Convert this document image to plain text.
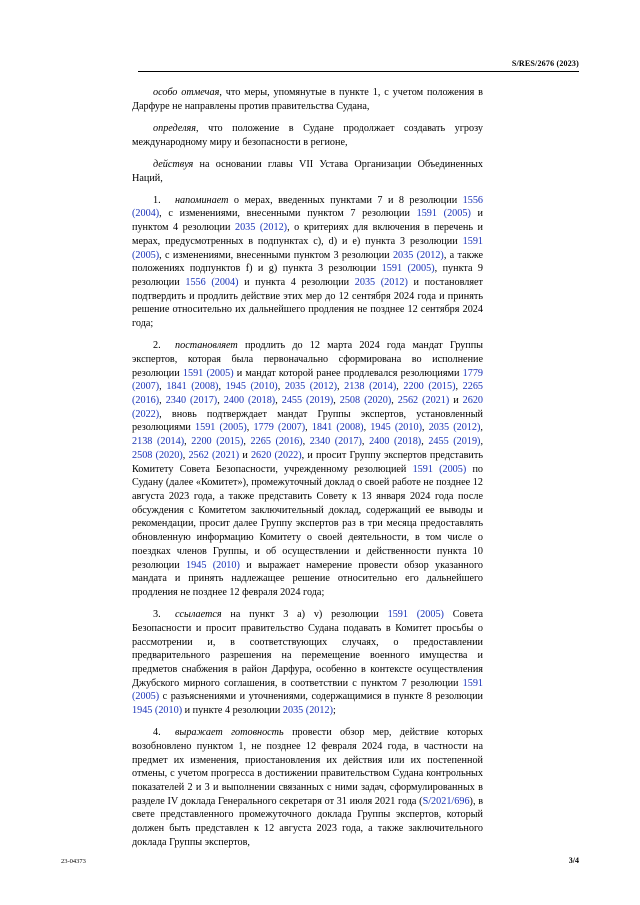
S/RES/2676 (2023)

особо отмечая, что меры, упомянутые в пункте 1, с учетом положения в Дарфуре не направлены против правительства Судана,

определяя, что положение в Судане продолжает создавать угрозу международному миру и безопасности в регионе,

действуя на основании главы VII Устава Организации Объединенных Наций,

1. напоминает о мерах, введенных пунктами 7 и 8 резолюции 1556 (2004), с изменениями, внесенными пунктом 7 резолюции 1591 (2005) и пунктом 4 резолюции 2035 (2012), о критериях для включения в перечень и мерах, предусмотренных в подпунктах c), d) и e) пункта 3 резолюции 1591 (2005), с изменениями, внесенными пунктом 3 резолюции 2035 (2012), а также положениях подпунктов f) и g) пункта 3 резолюции 1591 (2005), пункта 9 резолюции 1556 (2004) и пункта 4 резолюции 2035 (2012) и постановляет подтвердить и продлить действие этих мер до 12 сентября 2024 года и принять решение относительно их дальнейшего продления не позднее 12 сентября 2024 года;

2. постановляет продлить до 12 марта 2024 года мандат Группы экспертов, которая была первоначально сформирована во исполнение резолюции 1591 (2005) и мандат которой ранее продлевался резолюциями 1779 (2007), 1841 (2008), 1945 (2010), 2035 (2012), 2138 (2014), 2200 (2015), 2265 (2016), 2340 (2017), 2400 (2018), 2455 (2019), 2508 (2020), 2562 (2021) и 2620 (2022), вновь подтверждает мандат Группы экспертов, установленный резолюциями 1591 (2005), 1779 (2007), 1841 (2008), 1945 (2010), 2035 (2012), 2138 (2014), 2200 (2015), 2265 (2016), 2340 (2017), 2400 (2018), 2455 (2019), 2508 (2020), 2562 (2021) и 2620 (2022), и просит Группу экспертов представить Комитету Совета Безопасности, учрежденному резолюцией 1591 (2005) по Судану (далее «Комитет»), промежуточный доклад о своей работе не позднее 12 августа 2023 года, а также представить Совету к 13 января 2024 года после обсуждения с Комитетом заключительный доклад, содержащий ее выводы и рекомендации, просит далее Группу экспертов раз в три месяца предоставлять обновленную информацию Комитету о своей деятельности, в том числе о поездках членов Группы, и об осуществлении и действенности пункта 10 резолюции 1945 (2010) и выражает намерение провести обзор указанного мандата и принять надлежащее решение относительно его дальнейшего продления не позднее 12 февраля 2024 года;

3. ссылается на пункт 3 a) v) резолюции 1591 (2005) Совета Безопасности и просит правительство Судана подавать в Комитет просьбы о рассмотрении и, в соответствующих случаях, о предоставлении предварительного разрешения на перемещение военного имущества и предметов снабжения в район Дарфура, особенно в контексте осуществления Джубского мирного соглашения, в соответствии с пунктом 7 резолюции 1591 (2005) с разъяснениями и уточнениями, содержащимися в пункте 8 резолюции 1945 (2010) и пункте 4 резолюции 2035 (2012);

4. выражает готовность провести обзор мер, действие которых возобновлено пунктом 1, не позднее 12 февраля 2024 года, в частности на предмет их изменения, приостановления их действия или их постепенной отмены, с учетом прогресса в достижении правительством Судана контрольных показателей 2 и 3 и выполнении связанных с ними задач, сформулированных в разделе IV доклада Генерального секретаря от 31 июля 2021 года (S/2021/696), в свете представленного промежуточного доклада Группы экспертов, который должен быть представлен к 12 августа 2023 года, а также заключительного доклада Группы экспертов,

23-04373	3/4
